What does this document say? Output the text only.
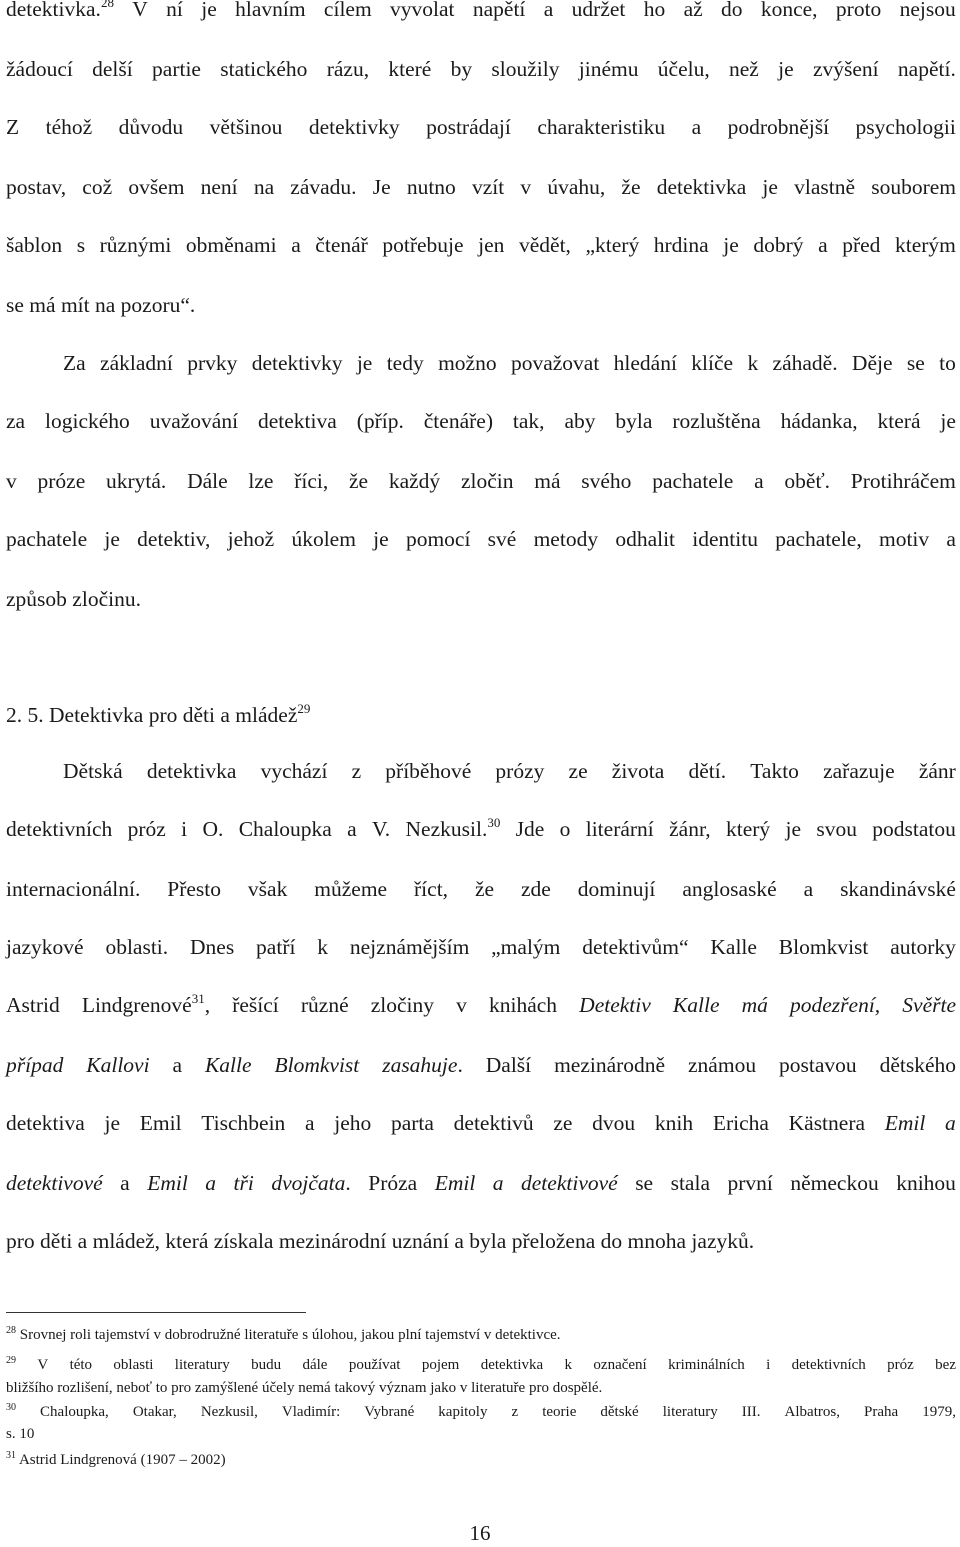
detektivka.$^{28}$ V ní je hlavním cílem vyvolat napětí a udržet ho až do konce, proto nejsou
žádoucí delší partie statického rázu, které by sloužily jinému účelu, než je zvýšení napětí.
Z téhož důvodu většinou detektivky postrádají charakteristiku a podrobnější psychologii
postav, což ovšem není na závadu. Je nutno vzít v úvahu, že detektivka je vlastně souborem
šablon s různými obměnami a čtenář potřebuje jen vědět, „který hrdina je dobrý a před kterým
se má mít na pozoru“.
Za základní prvky detektivky je tedy možno považovat hledání klíče k záhadě. Děje se to
za logického uvažování detektiva (příp. čtenáře) tak, aby byla rozluštěna hádanka, která je
v próze ukrytá. Dále lze říci, že každý zločin má svého pachatele a oběť. Protihráčem
pachatele je detektiv, jehož úkolem je pomocí své metody odhalit identitu pachatele, motiv a
způsob zločinu.
2. 5. Detektivka pro děti a mládež$^{29}$
Dětská detektivka vychází z příběhové prózy ze života dětí. Takto zařazuje žánr
detektivních próz i O. Chaloupka a V. Nezkusil.$^{30}$ Jde o literární žánr, který je svou podstatou
internacionální. Přesto však můžeme říct, že zde dominují anglosaské a skandinávské
jazykové oblasti. Dnes patří k nejznámějším „malým detektivům“ Kalle Blomkvist autorky
Astrid Lindgrenové$^{31}$, řešící různé zločiny v knihách Detektiv Kalle má podezření, Svěřte
případ Kallovi a Kalle Blomkvist zasahuje. Další mezinárodně známou postavou dětského
detektiva je Emil Tischbein a jeho parta detektivů ze dvou knih Ericha Kästnera Emil a
detektivové a Emil a tři dvojčata. Próza Emil a detektivové se stala první německou knihou
pro děti a mládež, která získala mezinárodní uznání a byla přeložena do mnoha jazyků.
$^{28}$ Srovnej roli tajemství v dobrodružné literatuře s úlohou, jakou plní tajemství v detektivce.
$^{29}$ V této oblasti literatury budu dále používat pojem detektivka k označení kriminálních i detektivních próz bez
bližšího rozlišení, neboť to pro zamýšlené účely nemá takový význam jako v literatuře pro dospělé.
$^{30}$ Chaloupka, Otakar, Nezkusil, Vladimír: Vybrané kapitoly z teorie dětské literatury III. Albatros, Praha 1979,
s. 10
$^{31}$ Astrid Lindgrenová (1907 – 2002)
16
